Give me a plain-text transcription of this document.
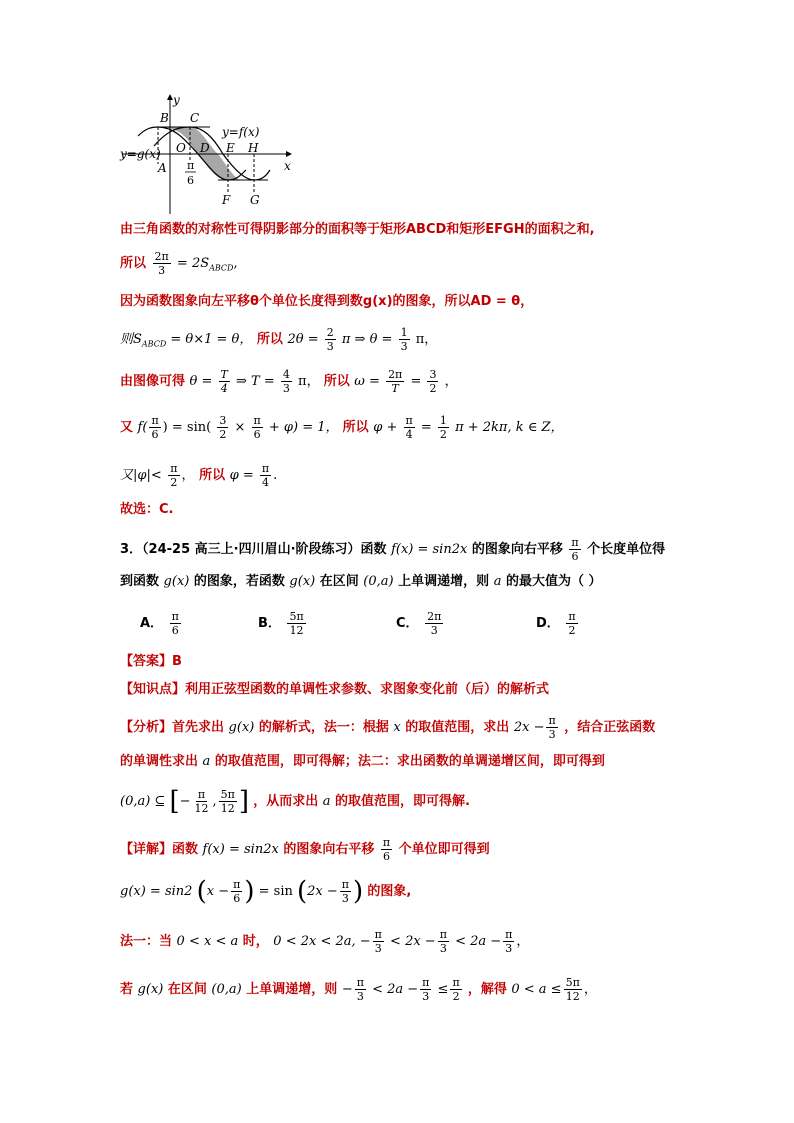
y
x
B C
O D E H
A
F G
y=g(x)
y=f(x)
π
6
由三角函数的对称性可得阴影部分的面积等于矩形ABCD和矩形EFGH的面积之和,
所以 $\frac{2\pi}{3} = 2S_{ABCD}$,
因为函数图象向左平移θ个单位长度得到数g(x)的图象，所以AD = θ，
则$S_{ABCD} = \theta\times 1 = \theta$， 所以 $2\theta = \frac{2}{3}$ π ⇒ $\theta = \frac{1}{3}$ π，
由图像可得 $\theta = \frac{T}{4}$ ⇒ $T = \frac{4}{3}$ π， 所以 $\omega = \frac{2\pi}{T} = \frac{3}{2}$ ，
又 $f( \frac{\pi}{6}$ ) = $\sin( \frac{3}{2} \times \frac{\pi}{6} + \varphi) = 1$， 所以 $\varphi + \frac{\pi}{4} = \frac{1}{2}$ π + 2kπ, k ∈ Z，
又$|\varphi|< \frac{\pi}{2}$ ， 所以 $\varphi = \frac{\pi}{4}$ .
故选：C.
3．（24-25 高三上·四川眉山·阶段练习）函数 f(x) = sin2x 的图象向右平移 $\frac{\pi}{6}$ 个长度单位得
到函数 g(x) 的图象，若函数 g(x) 在区间 (0,a) 上单调递增，则 a 的最大值为（ ）
A． $\frac{\pi}{6}$	B． $\frac{5\pi}{12}$	C． $\frac{2\pi}{3}$	D． $\frac{\pi}{2}$
【答案】B
【知识点】利用正弦型函数的单调性求参数、求图象变化前（后）的解析式
【分析】首先求出 g(x) 的解析式，法一：根据 x 的取值范围，求出 $2x - \frac{\pi}{3}$ ，结合正弦函数
的单调性求出 a 的取值范围，即可得解；法二：求出函数的单调递增区间，即可得到
(0,a) ⊆ [− $\frac{\pi}{12}$ , $\frac{5\pi}{12}$ ] ，从而求出 a 的取值范围，即可得解.
【详解】函数 f(x) = sin2x 的图象向右平移 $\frac{\pi}{6}$ 个单位即可得到
g(x) = sin2 ($x - \frac{\pi}{6}$ ) = $\sin (2x - \frac{\pi}{3}$ ) 的图象,
法一：当 0 < x < a 时， 0 < 2x < 2a, − $\frac{\pi}{3} < 2x - \frac{\pi}{3} < 2a - \frac{\pi}{3}$ ，
若 g(x) 在区间 (0,a) 上单调递增，则 − $\frac{\pi}{3} < 2a - \frac{\pi}{3} \le \frac{\pi}{2}$ ，解得 $0 < a \le \frac{5\pi}{12}$ ，
